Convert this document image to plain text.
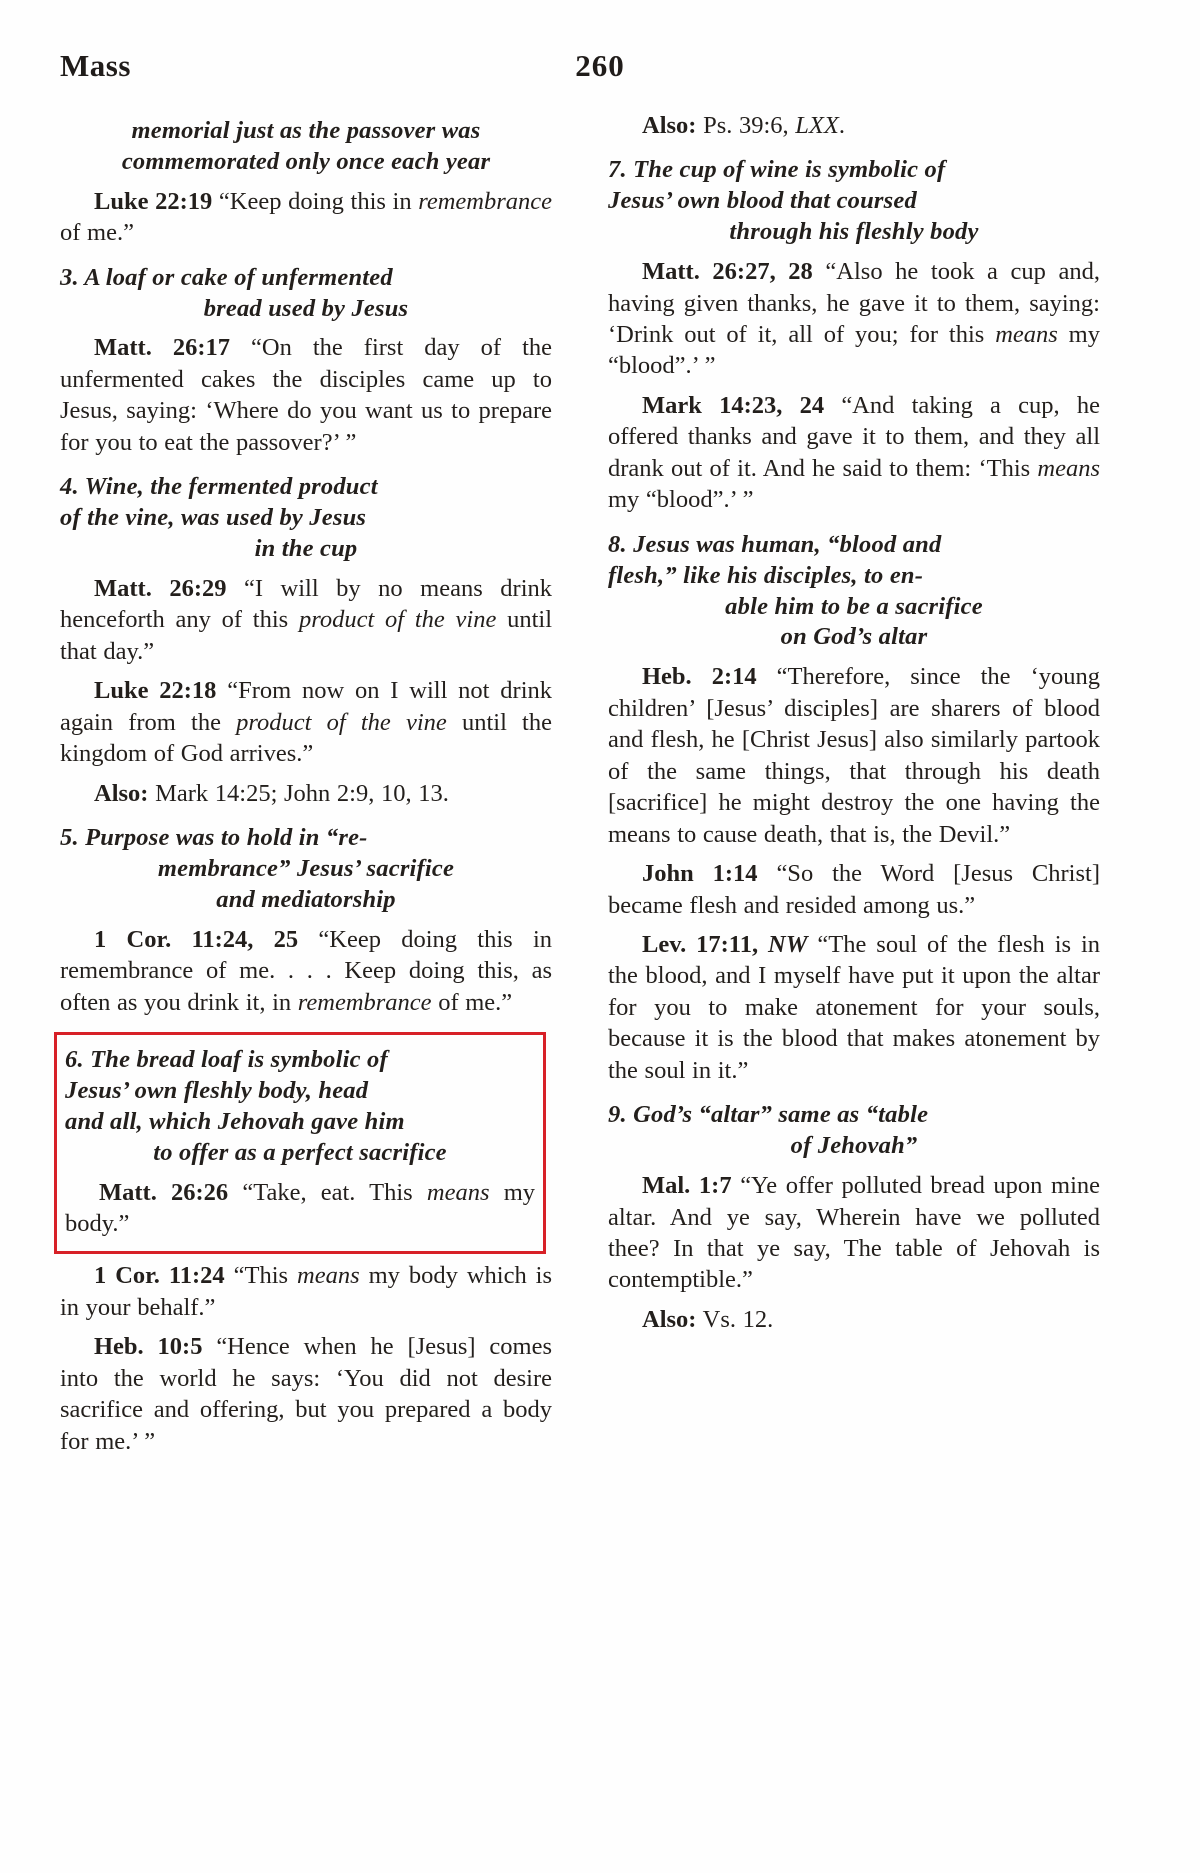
Mass	260
memorial just as the passover was commemorated only once each year

Luke 22:19 “Keep doing this in remembrance of me.”

3. A loaf or cake of unfermented
bread used by Jesus

Matt. 26:17 “On the first day of the unfermented cakes the disciples came up to Jesus, saying: ‘Where do you want us to prepare for you to eat the passover?’ ”

4. Wine, the fermented product
of the vine, was used by Jesus
in the cup

Matt. 26:29 “I will by no means drink henceforth any of this product of the vine until that day.”

Luke 22:18 “From now on I will not drink again from the product of the vine until the kingdom of God arrives.”

Also: Mark 14:25; John 2:9, 10, 13.

5. Purpose was to hold in “re-
membrance” Jesus’ sacrifice
and mediatorship

1 Cor. 11:24, 25 “Keep doing this in remembrance of me. . . . Keep doing this, as often as you drink it, in remembrance of me.”

6. The bread loaf is symbolic of
Jesus’ own fleshly body, head
and all, which Jehovah gave him
to offer as a perfect sacrifice

Matt. 26:26 “Take, eat. This means my body.”

1 Cor. 11:24 “This means my body which is in your behalf.”

Heb. 10:5 “Hence when he [Jesus] comes into the world he says: ‘You did not desire sacrifice and offering, but you prepared a body for me.’ ”

Also: Ps. 39:6, LXX.

7. The cup of wine is symbolic of
Jesus’ own blood that coursed
through his fleshly body

Matt. 26:27, 28 “Also he took a cup and, having given thanks, he gave it to them, saying: ‘Drink out of it, all of you; for this means my “blood”.’ ”

Mark 14:23, 24 “And taking a cup, he offered thanks and gave it to them, and they all drank out of it. And he said to them: ‘This means my “blood”.’ ”

8. Jesus was human, “blood and
flesh,” like his disciples, to en-
able him to be a sacrifice
on God’s altar

Heb. 2:14 “Therefore, since the ‘young children’ [Jesus’ disciples] are sharers of blood and flesh, he [Christ Jesus] also similarly partook of the same things, that through his death [sacrifice] he might destroy the one having the means to cause death, that is, the Devil.”

John 1:14 “So the Word [Jesus Christ] became flesh and resided among us.”

Lev. 17:11, NW “The soul of the flesh is in the blood, and I myself have put it upon the altar for you to make atonement for your souls, because it is the blood that makes atonement by the soul in it.”

9. God’s “altar” same as “table
of Jehovah”

Mal. 1:7 “Ye offer polluted bread upon mine altar. And ye say, Wherein have we polluted thee? In that ye say, The table of Jehovah is contemptible.”

Also: Vs. 12.
